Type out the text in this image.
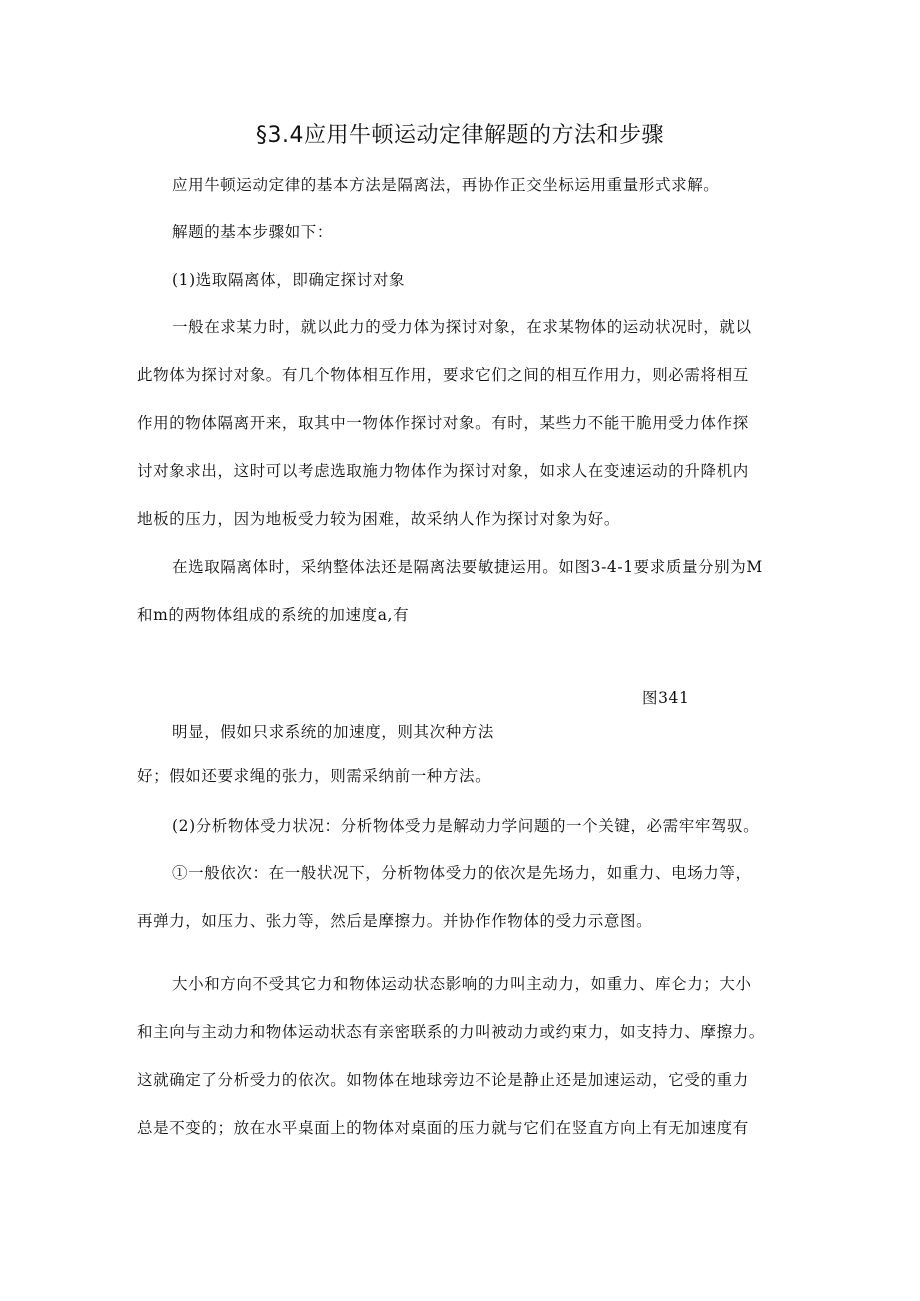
§3.4应用牛顿运动定律解题的方法和步骤
应用牛顿运动定律的基本方法是隔离法，再协作正交坐标运用重量形式求解。
解题的基本步骤如下：
(1)选取隔离体，即确定探讨对象
一般在求某力时，就以此力的受力体为探讨对象，在求某物体的运动状况时，就以
此物体为探讨对象。有几个物体相互作用，要求它们之间的相互作用力，则必需将相互
作用的物体隔离开来，取其中一物体作探讨对象。有时，某些力不能干脆用受力体作探
讨对象求出，这时可以考虑选取施力物体作为探讨对象，如求人在变速运动的升降机内
地板的压力，因为地板受力较为困难，故采纳人作为探讨对象为好。
在选取隔离体时，采纳整体法还是隔离法要敏捷运用。如图3-4-1要求质量分别为M
和m的两物体组成的系统的加速度a,有
图341
明显，假如只求系统的加速度，则其次种方法
好；假如还要求绳的张力，则需采纳前一种方法。
(2)分析物体受力状况：分析物体受力是解动力学问题的一个关键，必需牢牢驾驭。
①一般依次：在一般状况下，分析物体受力的依次是先场力，如重力、电场力等，
再弹力，如压力、张力等，然后是摩擦力。并协作作物体的受力示意图。
大小和方向不受其它力和物体运动状态影响的力叫主动力，如重力、库仑力；大小
和主向与主动力和物体运动状态有亲密联系的力叫被动力或约束力，如支持力、摩擦力。
这就确定了分析受力的依次。如物体在地球旁边不论是静止还是加速运动，它受的重力
总是不变的；放在水平桌面上的物体对桌面的压力就与它们在竖直方向上有无加速度有
